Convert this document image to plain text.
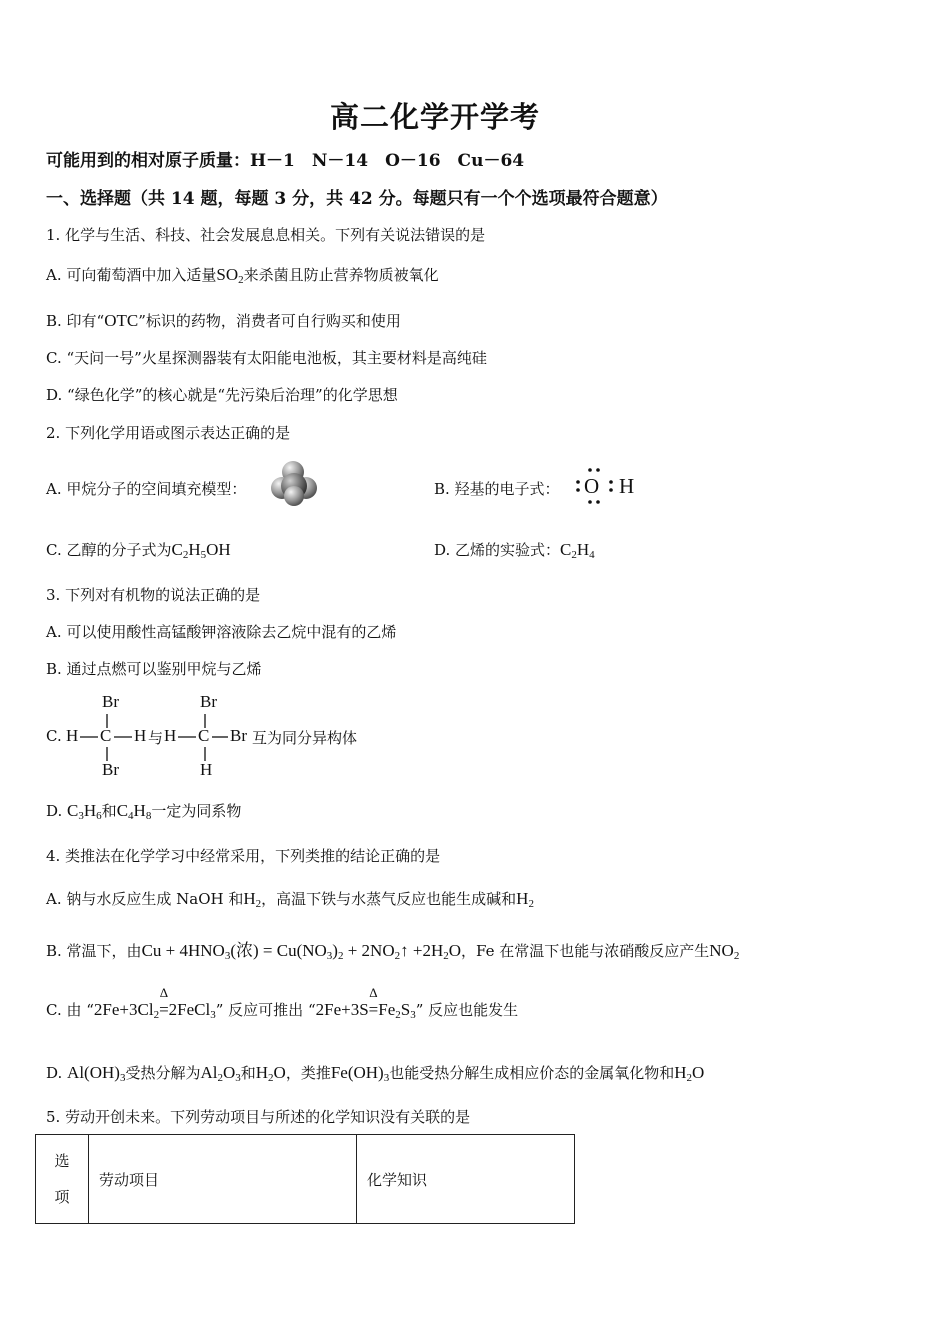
高二化学开学考
可能用到的相对原子质量：H－1　N－14　O－16　Cu－64
一、选择题（共 14 题，每题 3 分，共 42 分。每题只有一个个选项最符合题意）
1. 化学与生活、科技、社会发展息息相关。下列有关说法错误的是
A. 可向葡萄酒中加入适量$SO_2$来杀菌且防止营养物质被氧化
B. 印有“OTC”标识的药物，消费者可自行购买和使用
C. “天问一号”火星探测器装有太阳能电池板，其主要材料是高纯硅
D. “绿色化学”的核心就是“先污染后治理”的化学思想
2. 下列化学用语或图示表达正确的是
A. 甲烷分子的空间填充模型：	B. 羟基的电子式： O H
C. 乙醇的分子式为$C_2H_5OH$	D. 乙烯的实验式：$C_2H_4$
3. 下列对有机物的说法正确的是
A. 可以使用酸性高锰酸钾溶液除去乙烷中混有的乙烯
B. 通过点燃可以鉴别甲烷与乙烯
C.
Br
H C H
Br
与
Br
H C Br
H
互为同分异构体
D. $C_3H_6$和$C_4H_8$一定为同系物
4. 类推法在化学学习中经常采用，下列类推的结论正确的是
A. 钠与水反应生成 NaOH 和$H_2$，高温下铁与水蒸气反应也能生成碱和$H_2$
B. 常温下，由$Cu + 4HNO_3$(浓) = $Cu(NO_3)_2$ + $2NO_2↑ +2H_2O$，Fe 在常温下也能与浓硝酸反应产生$NO_2$
C. 由 “$2Fe+3Cl_2$
Δ
=2FeCl$_3$” 反应可推出 “2Fe+3S
Δ
$=Fe_2S_3$” 反应也能发生
D. $Al(OH)_3$受热分解为$Al_2O_3$和$H_2O$，类推$Fe(OH)_3$也能受热分解生成相应价态的金属氧化物和$H_2O$
5. 劳动开创未来。下列劳动项目与所述的化学知识没有关联的是
选
项	劳动项目	化学知识
